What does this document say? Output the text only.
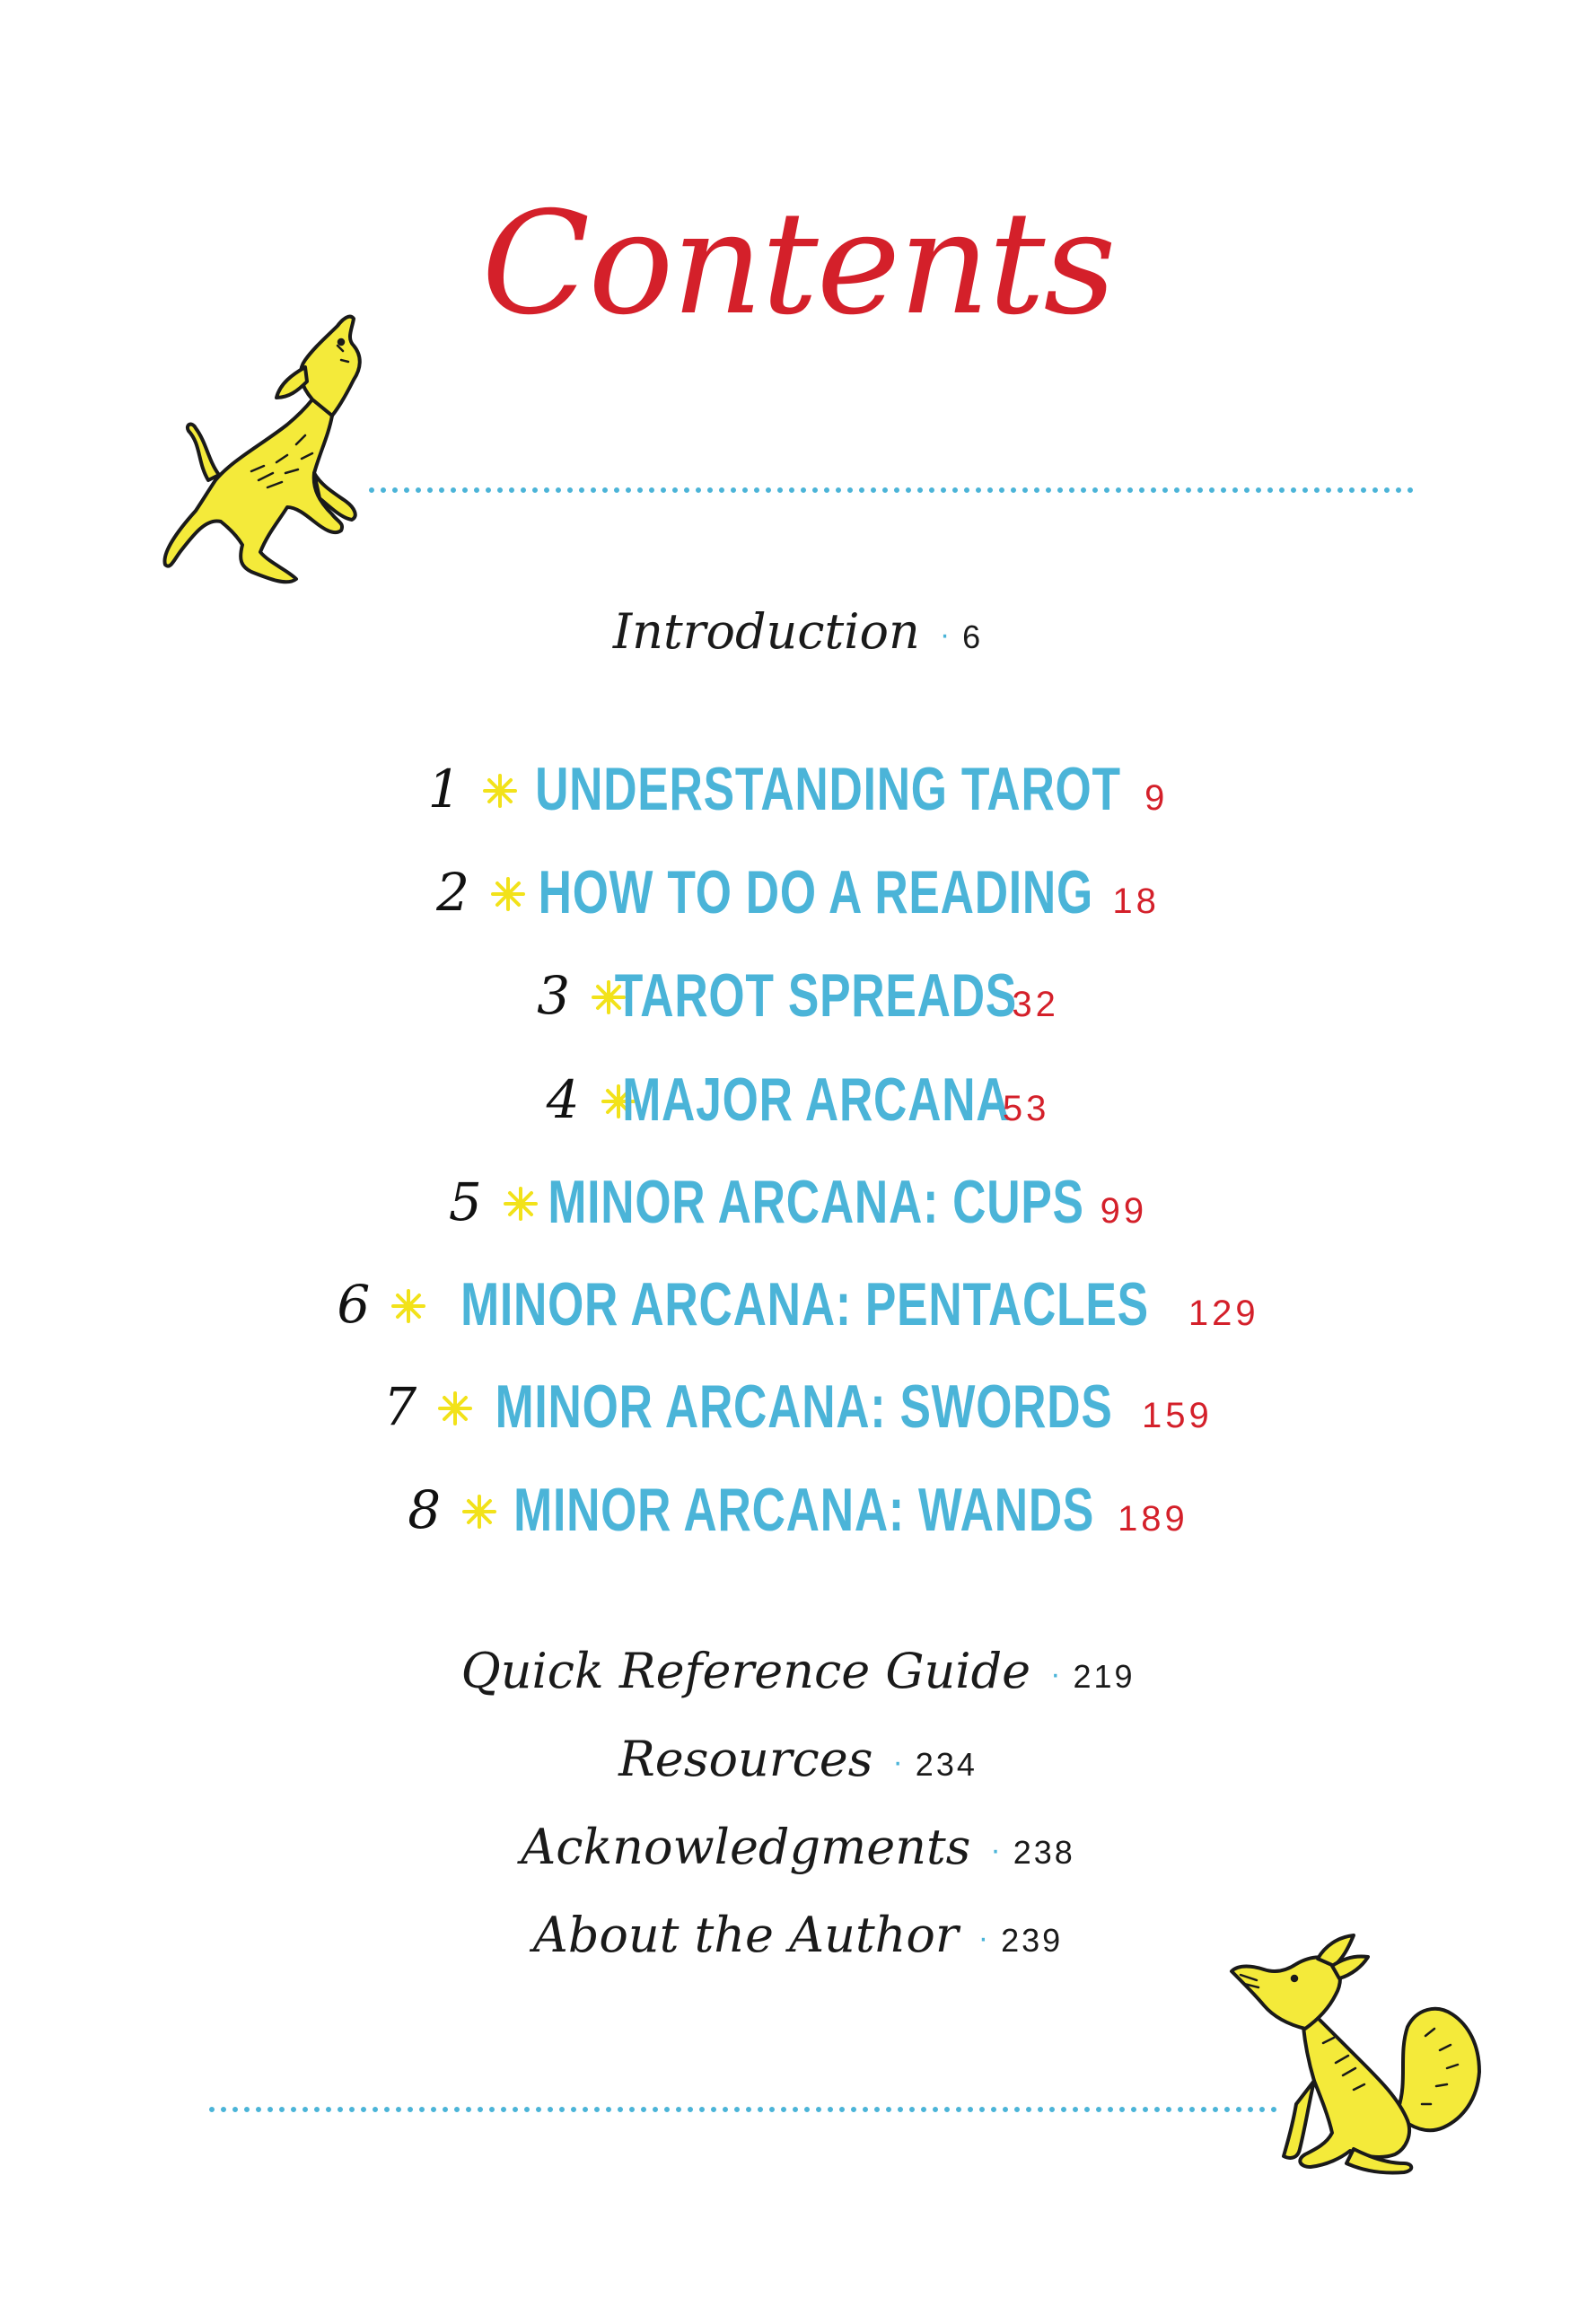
Contents
Introduction · 6
1 UNDERSTANDING TAROT 9
2 HOW TO DO A READING 18
3 TAROT SPREADS32
4 MAJOR ARCANA53
5 MINOR ARCANA: CUPS 99
6 MINOR ARCANA: PENTACLES 129
7 MINOR ARCANA: SWORDS 159
8 MINOR ARCANA: WANDS 189
Quick Reference Guide · 219
Resources · 234
Acknowledgments · 238
About the Author · 239
